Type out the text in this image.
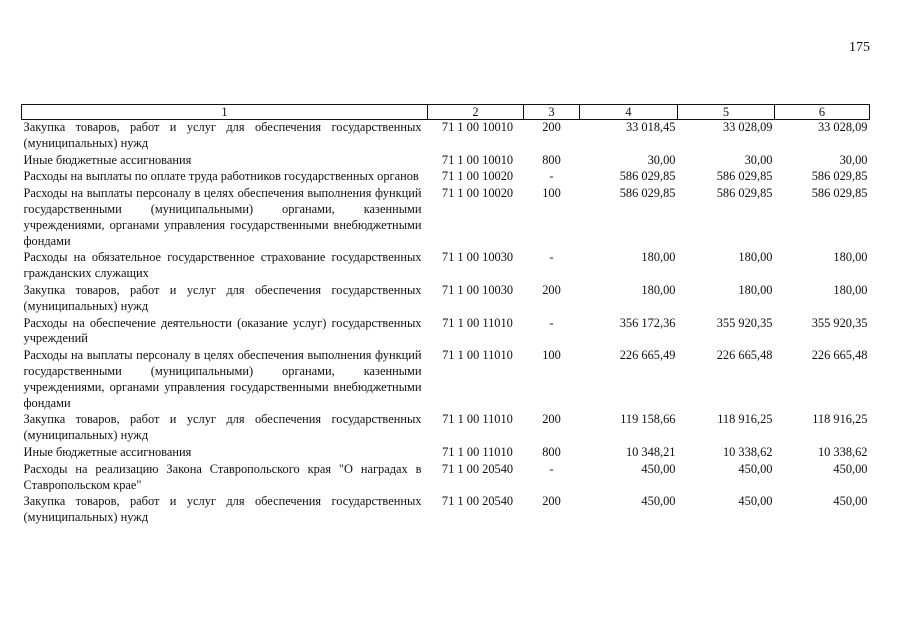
175
1	2	3	4	5	6
Закупка товаров, работ и услуг для обеспечения государственных (муниципальных) нужд	71 1 00 10010	200	33 018,45	33 028,09	33 028,09
Иные бюджетные ассигнования	71 1 00 10010	800	30,00	30,00	30,00
Расходы на выплаты по оплате труда работников государственных органов	71 1 00 10020	-	586 029,85	586 029,85	586 029,85
Расходы на выплаты персоналу в целях обеспечения выполнения функций государственными (муниципальными) органами, казенными учреждениями, органами управления государственными внебюджетными фондами	71 1 00 10020	100	586 029,85	586 029,85	586 029,85
Расходы на обязательное государственное страхование государственных гражданских служащих	71 1 00 10030	-	180,00	180,00	180,00
Закупка товаров, работ и услуг для обеспечения государственных (муниципальных) нужд	71 1 00 10030	200	180,00	180,00	180,00
Расходы на обеспечение деятельности (оказание услуг) государственных учреждений	71 1 00 11010	-	356 172,36	355 920,35	355 920,35
Расходы на выплаты персоналу в целях обеспечения выполнения функций государственными (муниципальными) органами, казенными учреждениями, органами управления государственными внебюджетными фондами	71 1 00 11010	100	226 665,49	226 665,48	226 665,48
Закупка товаров, работ и услуг для обеспечения государственных (муниципальных) нужд	71 1 00 11010	200	119 158,66	118 916,25	118 916,25
Иные бюджетные ассигнования	71 1 00 11010	800	10 348,21	10 338,62	10 338,62
Расходы на реализацию Закона Ставропольского края "О наградах в Ставропольском крае"	71 1 00 20540	-	450,00	450,00	450,00
Закупка товаров, работ и услуг для обеспечения государственных (муниципальных) нужд	71 1 00 20540	200	450,00	450,00	450,00
